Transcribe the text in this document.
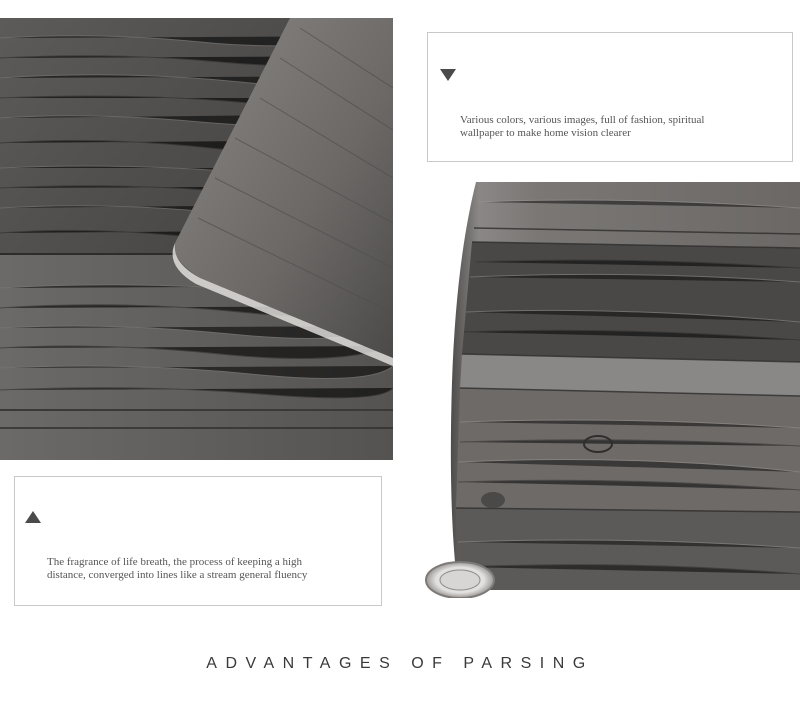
Various colors, various images, full of fashion, spiritual
wallpaper to make home vision clearer
The fragrance of life breath, the process of keeping a high
distance, converged into lines like a stream general fluency
ADVANTAGES OF PARSING
